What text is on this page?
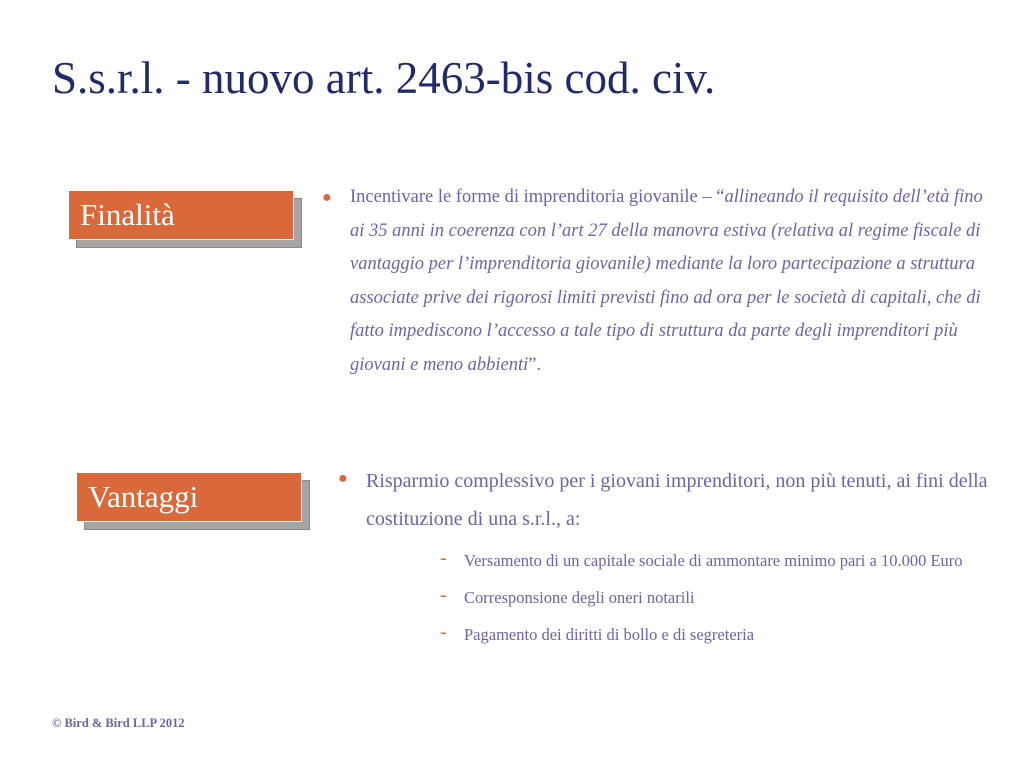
S.s.r.l. - nuovo art. 2463-bis cod. civ.
Finalità	● Incentivare le forme di imprenditoria giovanile – “allineando il requisito dell’età fino ai 35 anni in coerenza con l’art 27 della manovra estiva (relativa al regime fiscale di vantaggio per l’imprenditoria giovanile) mediante la loro partecipazione a struttura associate prive dei rigorosi limiti previsti fino ad ora per le società di capitali, che di fatto impediscono l’accesso a tale tipo di struttura da parte degli imprenditori più giovani e meno abbienti”.
Vantaggi
● Risparmio complessivo per i giovani imprenditori, non più tenuti, ai fini della costituzione di una s.r.l., a:
-	Versamento di un capitale sociale di ammontare minimo pari a 10.000 Euro
-	Corresponsione degli oneri notarili
-	Pagamento dei diritti di bollo e di segreteria
© Bird & Bird LLP 2012
